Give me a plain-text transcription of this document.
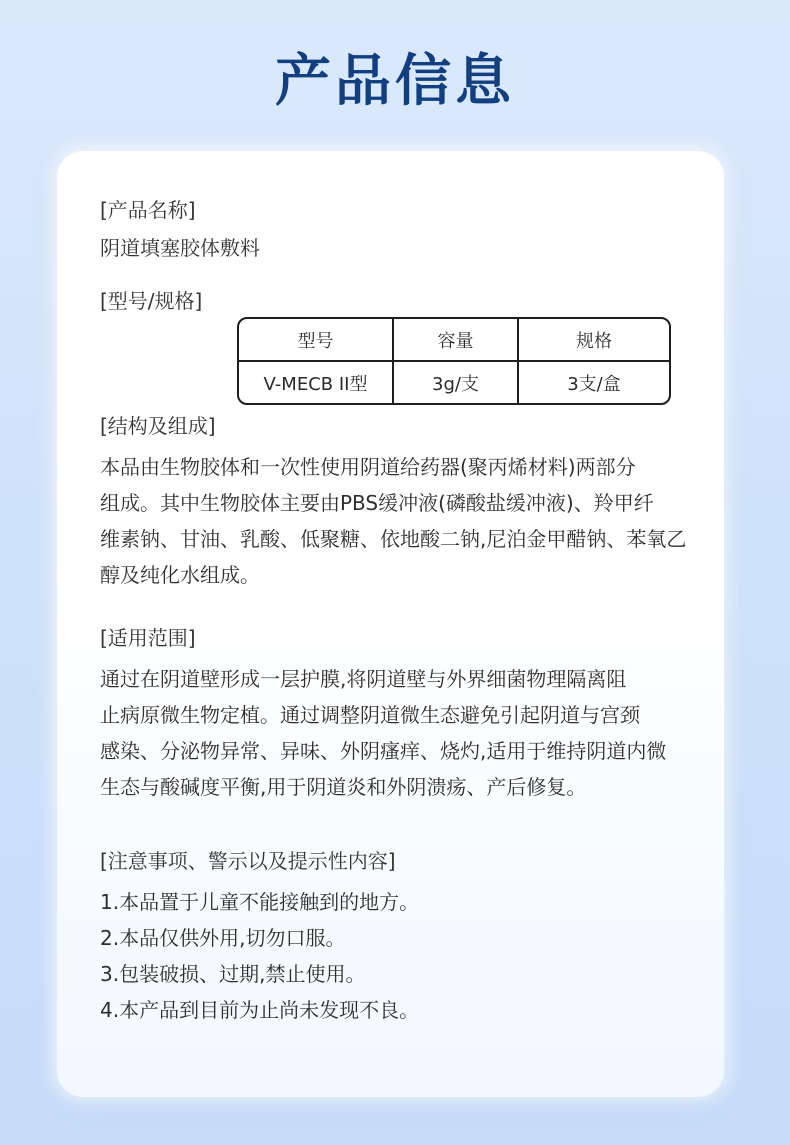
产品信息

[产品名称]

阴道填塞胶体敷料

[型号/规格]

型号	容量	规格
V-MECB II型	3g/支	3支/盒

[结构及组成]

本品由生物胶体和一次性使用阴道给药器(聚丙烯材料)两部分
组成。其中生物胶体主要由PBS缓冲液(磷酸盐缓冲液)、羚甲纤
维素钠、甘油、乳酸、低聚糖、依地酸二钠,尼泊金甲醋钠、苯氧乙
醇及纯化水组成。

[适用范围]

通过在阴道壁形成一层护膜,将阴道壁与外界细菌物理隔离阻
止病原微生物定植。通过调整阴道微生态避免引起阴道与宫颈
感染、分泌物异常、异味、外阴瘙痒、烧灼,适用于维持阴道内微
生态与酸碱度平衡,用于阴道炎和外阴溃疡、产后修复。

[注意事项、警示以及提示性内容]

1.本品置于儿童不能接触到的地方。
2.本品仅供外用,切勿口服。
3.包装破损、过期,禁止使用。
4.本产品到目前为止尚未发现不良。
